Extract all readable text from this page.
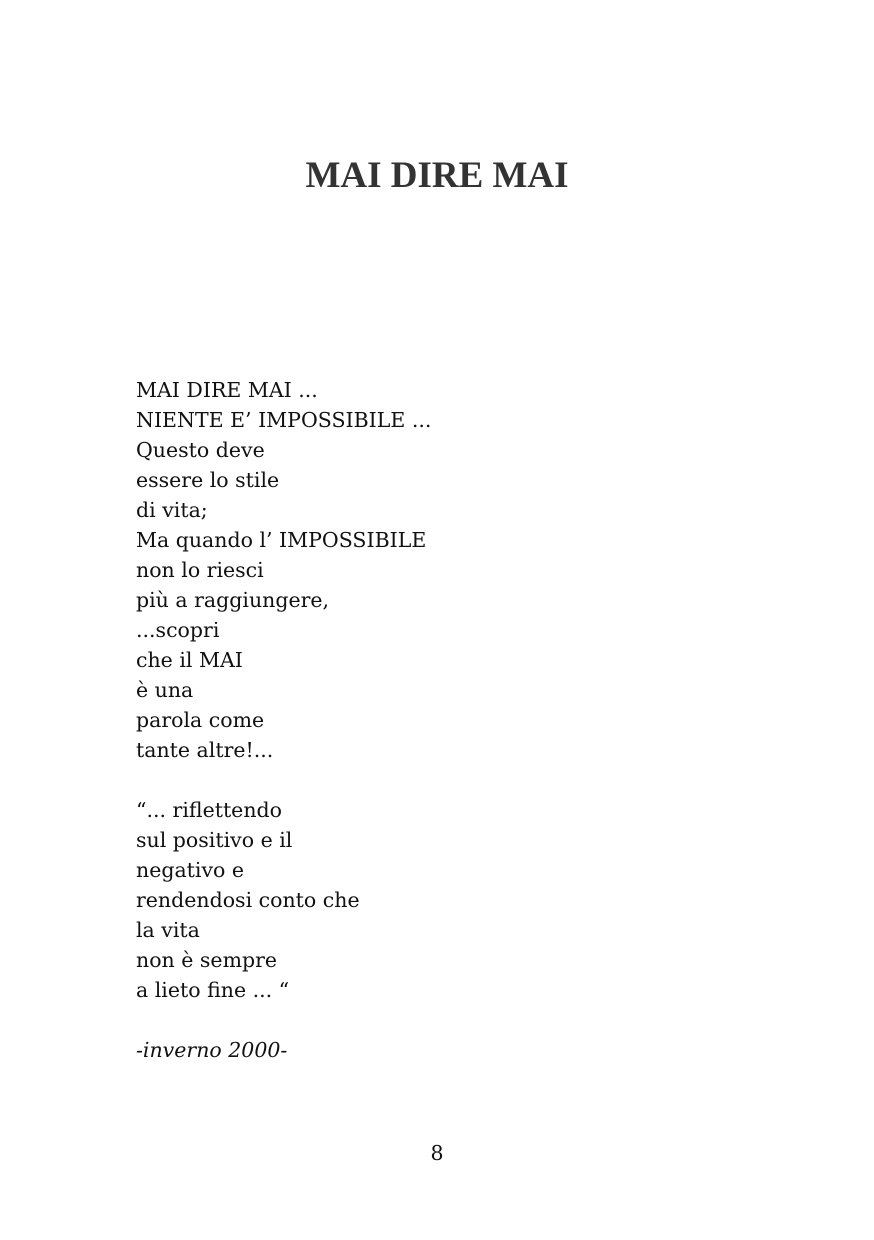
MAI DIRE MAI
MAI DIRE MAI ...
NIENTE E’ IMPOSSIBILE ...
Questo deve
essere lo stile
di vita;
Ma quando l’ IMPOSSIBILE
non lo riesci
più a raggiungere,
...scopri
che il MAI
è una
parola come
tante altre!...
“... riflettendo
sul positivo e il
negativo e
rendendosi conto che
la vita
non è sempre
a lieto fine ... “
-inverno 2000-
8
